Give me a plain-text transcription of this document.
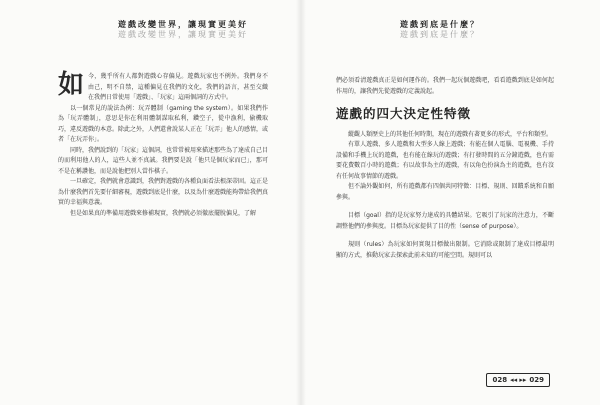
遊戲改變世界，讓現實更美好
遊戲改變世界，讓現實更美好

如 今，幾乎所有人都對遊戲心存偏見。遊戲玩家也不例外。我們身不由己，明不自禁，這種偏見在我們的文化，我們的語言，甚至交織在我們日常使用「遊戲」、「玩家」這兩個詞的方式中。

以一個常見的說法為例：玩弄體制（gaming the system）。如果我們作為「玩弄體制」，意思是你在利用體制謀取私利，鑽空子，從中漁利，偷機取巧，違反遊戲的本意。除此之外，人們還會說某人正在「玩弄」他人的感情，或者「在玩弄你」。

同時，我們說到的「玩家」這個詞，也常常被用來描述那些為了達成自己目的而利用他人的人，這些人並不真誠。我們要是說「他只是個玩家而已」，那可不是在稱讚他，而是說他把別人當作棋子。

一旦確定，我們就會意識到，我們對遊戲的各種負面看法根深蒂固。這正是為什麼我們首先要仔細審視，遊戲到底是什麼，以及為什麼遊戲能夠帶給我們真實的幸福與意義。

但是如果真的準備用遊戲來修補現實，我們就必須徹底擺脫偏見，了解

遊戲到底是什麼？
遊戲到底是什麼？

們必須看清遊戲真正是如何運作的。我們一起玩個遊戲吧，看看遊戲到底是如何起作用的，讓我們先從遊戲的定義說起。

遊戲的四大決定性特徵

縱觀人類歷史上的其他任何時期，現在的遊戲有著更多的形式，平台和類型。

有單人遊戲、多人遊戲和大型多人線上遊戲；有能在個人電腦、電視機、手持設備和手機上玩的遊戲，也有能在線玩的遊戲；有打發時間的五分鐘遊戲，也有需要花費數百小時的遊戲；有以故事為主的遊戲，有以角色扮演為主的遊戲，也有沒有任何故事情節的遊戲。

但不論外觀如何，所有遊戲都有四個共同特徵：目標、規則、回饋系統和自願參與。

目標（goal）指的是玩家努力達成的具體結果。它吸引了玩家的注意力，不斷調整他們的參與度。目標為玩家提供了目的性（sense of purpose）。

規則（rules）為玩家如何實現目標做出限制。它消除或限制了達成目標最明顯的方式，推動玩家去探索此前未知的可能空間。規則可以

028 ◂◂ ▸▸ 029
